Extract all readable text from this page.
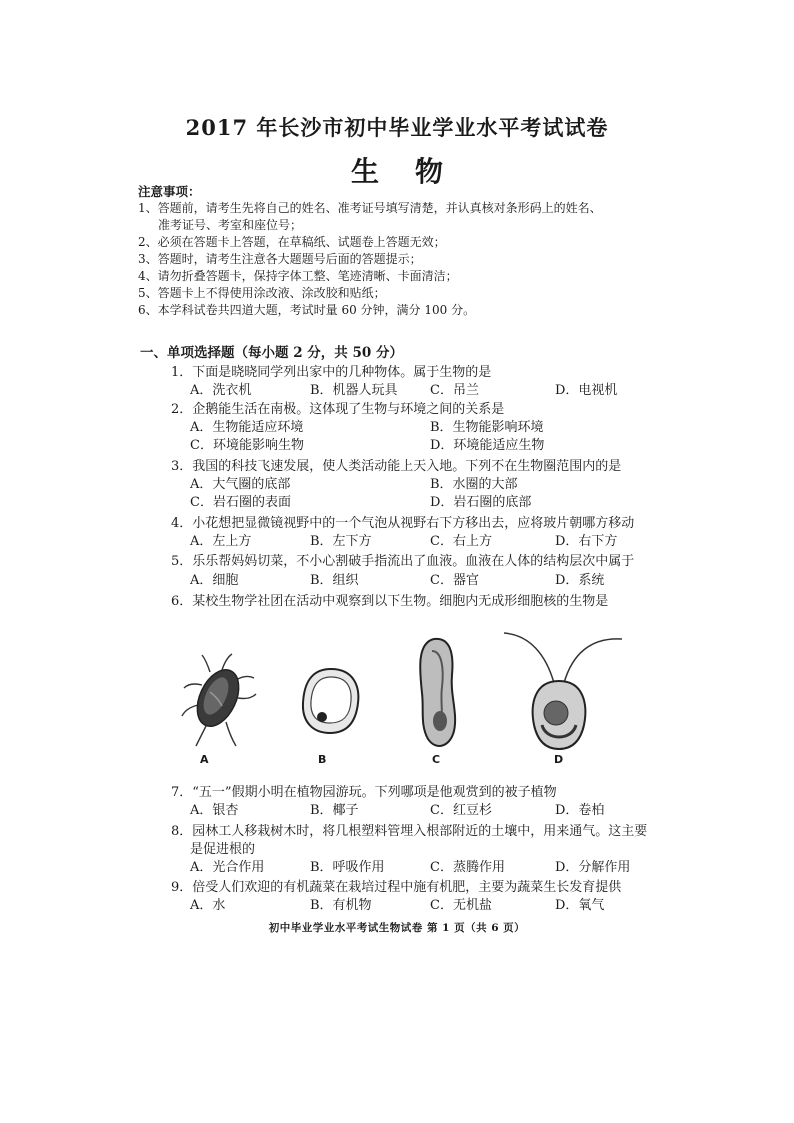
2017 年长沙市初中毕业学业水平考试试卷
生物
注意事项：
1、答题前，请考生先将自己的姓名、准考证号填写清楚，并认真核对条形码上的姓名、
准考证号、考室和座位号；
2、必须在答题卡上答题，在草稿纸、试题卷上答题无效；
3、答题时，请考生注意各大题题号后面的答题提示；
4、请勿折叠答题卡，保持字体工整、笔迹清晰、卡面清洁；
5、答题卡上不得使用涂改液、涂改胶和贴纸；
6、本学科试卷共四道大题，考试时量 60 分钟，满分 100 分。
一、单项选择题（每小题 2 分，共 50 分）
1．下面是晓晓同学列出家中的几种物体。属于生物的是
A．洗衣机	B．机器人玩具 C．吊兰	D．电视机
2．企鹅能生活在南极。这体现了生物与环境之间的关系是
A．生物能适应环境	B．生物能影响环境
C．环境能影响生物	D．环境能适应生物
3．我国的科技飞速发展，使人类活动能上天入地。下列不在生物圈范围内的是
A．大气圈的底部	B．水圈的大部
C．岩石圈的表面	D．岩石圈的底部
4．小花想把显微镜视野中的一个气泡从视野右下方移出去，应将玻片朝哪方移动
A．左上方	B．左下方	C．右上方	D．右下方
5．乐乐帮妈妈切菜，不小心割破手指流出了血液。血液在人体的结构层次中属于
A．细胞	B．组织	C．器官	D．系统
6．某校生物学社团在活动中观察到以下生物。细胞内无成形细胞核的生物是
A	B	C	D
7．“五一”假期小明在植物园游玩。下列哪项是他观赏到的被子植物
A．银杏	B．椰子	C．红豆杉	D．卷柏
8．园林工人移栽树木时，将几根塑料管埋入根部附近的土壤中，用来通气。这主要
是促进根的
A．光合作用	B．呼吸作用	C．蒸腾作用	D．分解作用
9．倍受人们欢迎的有机蔬菜在栽培过程中施有机肥，主要为蔬菜生长发育提供
A．水	B．有机物	C．无机盐	D．氧气
初中毕业学业水平考试生物试卷 第 1 页（共 6 页）
